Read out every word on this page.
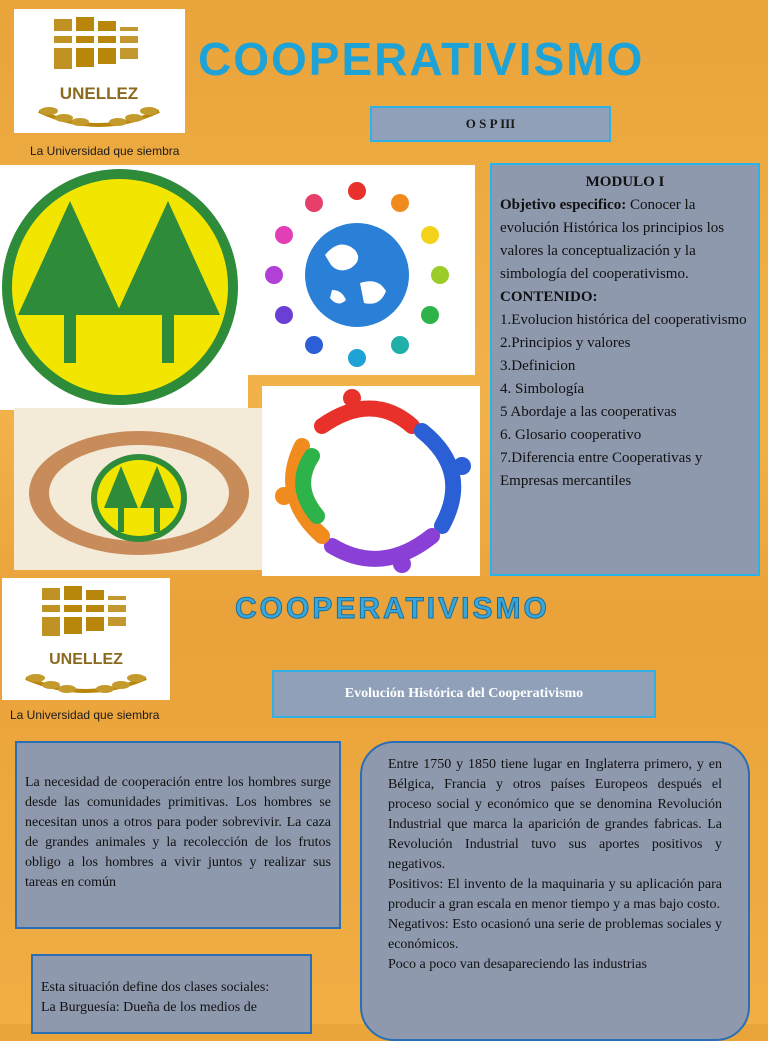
UNELLEZ
La Universidad que siembra
COOPERATIVISMO
O S P III
MODULO I
Objetivo especifico: Conocer la evolución Histórica los principios los valores la conceptualización y la simbología del cooperativismo.
CONTENIDO:
1.Evolucion histórica del cooperativismo
2.Principios y valores
3.Definicion
4. Simbología
5 Abordaje a las cooperativas
6. Glosario cooperativo
7.Diferencia entre Cooperativas y Empresas mercantiles
UNELLEZ
La Universidad que siembra
COOPERATIVISMO
Evolución Histórica del Cooperativismo

La necesidad de cooperación entre los hombres surge desde las comunidades primitivas. Los hombres se necesitan unos a otros para poder sobrevivir. La caza de grandes animales y la recolección de los frutos obligo a los hombres a vivir juntos y realizar sus tareas en común

Esta situación define dos clases sociales:

La Burguesía: Dueña de los medios de

Entre 1750 y 1850 tiene lugar en Inglaterra primero, y en Bélgica, Francia y otros países Europeos después el proceso social y económico que se denomina Revolución Industrial que marca la aparición de grandes fabricas. La Revolución Industrial tuvo sus aportes positivos y negativos.

Positivos: El invento de la maquinaria y su aplicación para producir a gran escala en menor tiempo y a mas bajo costo.

Negativos: Esto ocasionó una serie de problemas sociales y económicos.

Poco a poco van desapareciendo las industrias
